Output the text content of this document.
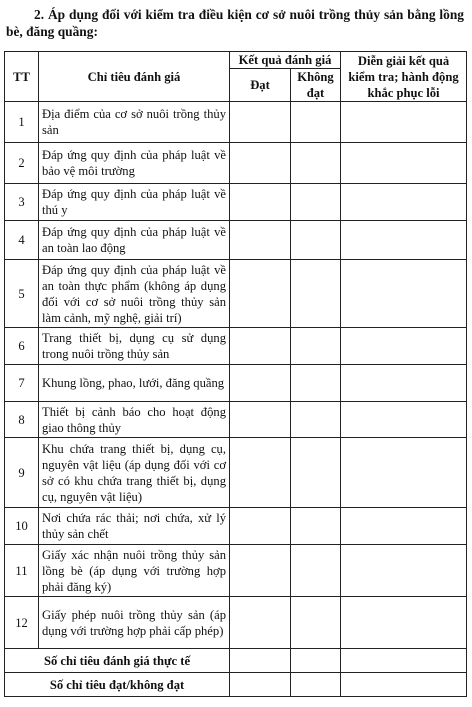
2. Áp dụng đối với kiểm tra điều kiện cơ sở nuôi trồng thủy sản bằng lồng bè, đăng quầng:
TT	Chỉ tiêu đánh giá	Kết quả đánh giá		Diễn giải kết quả kiểm tra; hành động khắc phục lỗi
		Đạt	Không đạt	
1	Địa điểm của cơ sở nuôi trồng thủy sản			
2	Đáp ứng quy định của pháp luật về bảo vệ môi trường			
3	Đáp ứng quy định của pháp luật về thú y			
4	Đáp ứng quy định của pháp luật về an toàn lao động			
5	Đáp ứng quy định của pháp luật về an toàn thực phẩm (không áp dụng đối với cơ sở nuôi trồng thủy sản làm cảnh, mỹ nghệ, giải trí)			
6	Trang thiết bị, dụng cụ sử dụng trong nuôi trồng thủy sản			
7	Khung lồng, phao, lưới, đăng quầng			
8	Thiết bị cảnh báo cho hoạt động giao thông thủy			
9	Khu chứa trang thiết bị, dụng cụ, nguyên vật liệu (áp dụng đối với cơ sở có khu chứa trang thiết bị, dụng cụ, nguyên vật liệu)			
10	Nơi chứa rác thải; nơi chứa, xử lý thủy sản chết			
11	Giấy xác nhận nuôi trồng thủy sản lồng bè (áp dụng với trường hợp phải đăng ký)			
12	Giấy phép nuôi trồng thủy sản (áp dụng với trường hợp phải cấp phép)			
Số chỉ tiêu đánh giá thực tế				
Số chỉ tiêu đạt/không đạt				
